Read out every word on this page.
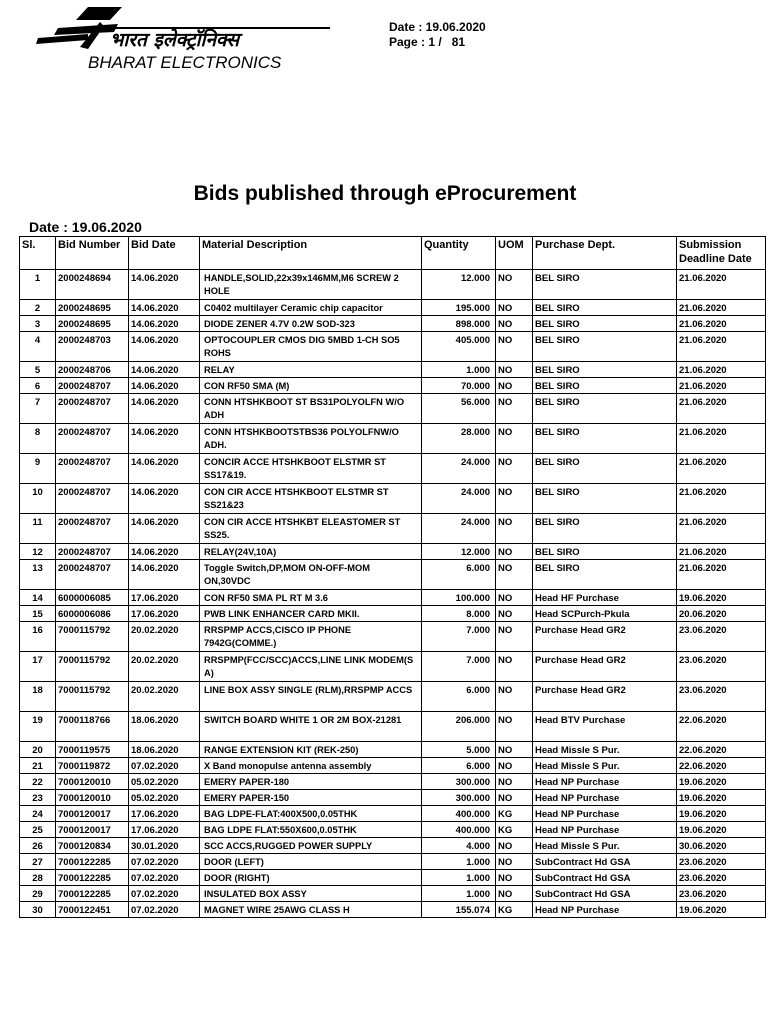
भारत इलेक्ट्रॉनिक्स
BHARAT ELECTRONICS
Date : 19.06.2020
Page : 1 /   81
Bids published through eProcurement
Date : 19.06.2020
Sl.	Bid Number	Bid Date	Material Description	Quantity	UOM	Purchase Dept.	Submission Deadline Date
1	2000248694	14.06.2020	HANDLE,SOLID,22x39x146MM,M6 SCREW 2 HOLE	12.000	NO	BEL SIRO	21.06.2020
2	2000248695	14.06.2020	C0402 multilayer Ceramic chip capacitor	195.000	NO	BEL SIRO	21.06.2020
3	2000248695	14.06.2020	DIODE ZENER 4.7V 0.2W SOD-323	898.000	NO	BEL SIRO	21.06.2020
4	2000248703	14.06.2020	OPTOCOUPLER CMOS DIG 5MBD 1-CH SO5 ROHS	405.000	NO	BEL SIRO	21.06.2020
5	2000248706	14.06.2020	RELAY	1.000	NO	BEL SIRO	21.06.2020
6	2000248707	14.06.2020	CON RF50 SMA (M)	70.000	NO	BEL SIRO	21.06.2020
7	2000248707	14.06.2020	CONN HTSHKBOOT ST BS31POLYOLFN W/O ADH	56.000	NO	BEL SIRO	21.06.2020
8	2000248707	14.06.2020	CONN HTSHKBOOTSTBS36 POLYOLFNW/O ADH.	28.000	NO	BEL SIRO	21.06.2020
9	2000248707	14.06.2020	CONCIR ACCE HTSHKBOOT ELSTMR ST SS17&19.	24.000	NO	BEL SIRO	21.06.2020
10	2000248707	14.06.2020	CON CIR ACCE HTSHKBOOT ELSTMR ST SS21&23	24.000	NO	BEL SIRO	21.06.2020
11	2000248707	14.06.2020	CON CIR ACCE HTSHKBT ELEASTOMER ST SS25.	24.000	NO	BEL SIRO	21.06.2020
12	2000248707	14.06.2020	RELAY(24V,10A)	12.000	NO	BEL SIRO	21.06.2020
13	2000248707	14.06.2020	Toggle Switch,DP,MOM ON-OFF-MOM ON,30VDC	6.000	NO	BEL SIRO	21.06.2020
14	6000006085	17.06.2020	CON RF50 SMA PL RT M 3.6	100.000	NO	Head HF Purchase	19.06.2020
15	6000006086	17.06.2020	PWB LINK ENHANCER CARD MKII.	8.000	NO	Head SCPurch-Pkula	20.06.2020
16	7000115792	20.02.2020	RRSPMP ACCS,CISCO IP PHONE 7942G(COMME.)	7.000	NO	Purchase Head GR2	23.06.2020
17	7000115792	20.02.2020	RRSPMP(FCC/SCC)ACCS,LINE LINK MODEM(S A)	7.000	NO	Purchase Head GR2	23.06.2020
18	7000115792	20.02.2020	LINE BOX ASSY SINGLE (RLM),RRSPMP ACCS	6.000	NO	Purchase Head GR2	23.06.2020
19	7000118766	18.06.2020	SWITCH BOARD WHITE 1 OR 2M BOX-21281	206.000	NO	Head BTV Purchase	22.06.2020
20	7000119575	18.06.2020	RANGE EXTENSION KIT (REK-250)	5.000	NO	Head Missle S Pur.	22.06.2020
21	7000119872	07.02.2020	X Band monopulse antenna assembly	6.000	NO	Head Missle S Pur.	22.06.2020
22	7000120010	05.02.2020	EMERY PAPER-180	300.000	NO	Head NP Purchase	19.06.2020
23	7000120010	05.02.2020	EMERY PAPER-150	300.000	NO	Head NP Purchase	19.06.2020
24	7000120017	17.06.2020	BAG LDPE-FLAT:400X500,0.05THK	400.000	KG	Head NP Purchase	19.06.2020
25	7000120017	17.06.2020	BAG LDPE FLAT:550X600,0.05THK	400.000	KG	Head NP Purchase	19.06.2020
26	7000120834	30.01.2020	SCC ACCS,RUGGED POWER SUPPLY	4.000	NO	Head Missle S Pur.	30.06.2020
27	7000122285	07.02.2020	DOOR (LEFT)	1.000	NO	SubContract Hd GSA	23.06.2020
28	7000122285	07.02.2020	DOOR (RIGHT)	1.000	NO	SubContract Hd GSA	23.06.2020
29	7000122285	07.02.2020	INSULATED BOX ASSY	1.000	NO	SubContract Hd GSA	23.06.2020
30	7000122451	07.02.2020	MAGNET WIRE 25AWG CLASS H	155.074	KG	Head NP Purchase	19.06.2020
